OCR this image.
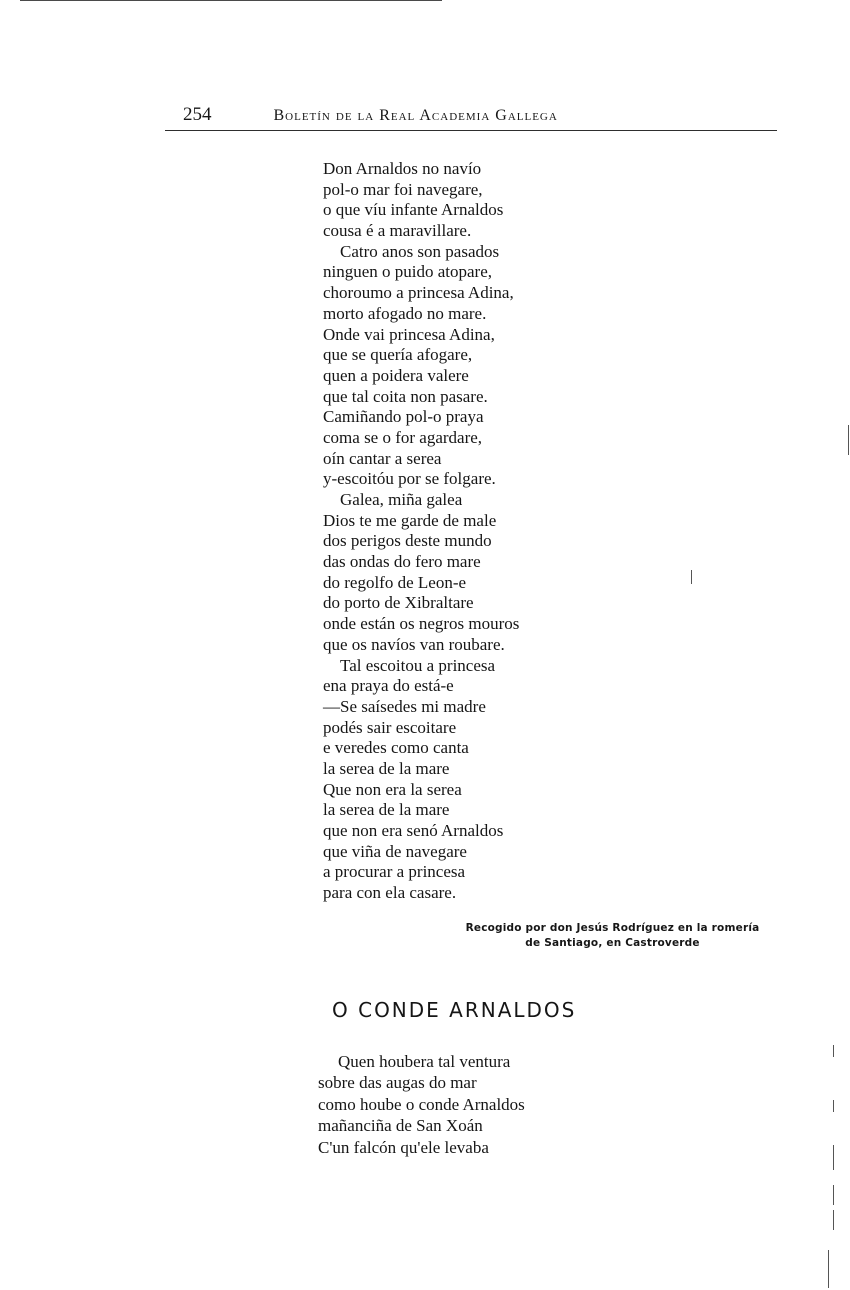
254	Boletín de la Real Academia Gallega
Don Arnaldos no navío
pol-o mar foi navegare,
o que víu infante Arnaldos
cousa é a maravillare.
Catro anos son pasados
ninguen o puido atopare,
choroumo a princesa Adina,
morto afogado no mare.
Onde vai princesa Adina,
que se quería afogare,
quen a poidera valere
que tal coita non pasare.
Camiñando pol-o praya
coma se o for agardare,
oín cantar a serea
y-escoitóu por se folgare.
Galea, miña galea
Dios te me garde de male
dos perigos deste mundo
das ondas do fero mare
do regolfo de Leon-e
do porto de Xibraltare
onde están os negros mouros
que os navíos van roubare.
Tal escoitou a princesa
ena praya do está-e
—Se saísedes mi madre
podés sair escoitare
e veredes como canta
la serea de la mare
Que non era la serea
la serea de la mare
que non era senó Arnaldos
que viña de navegare
a procurar a princesa
para con ela casare.
Recogido por don Jesús Rodríguez en la romería
de Santiago, en Castroverde
O CONDE ARNALDOS
Quen houbera tal ventura
sobre das augas do mar
como hoube o conde Arnaldos
mañanciña de San Xoán
C'un falcón qu'ele levaba
